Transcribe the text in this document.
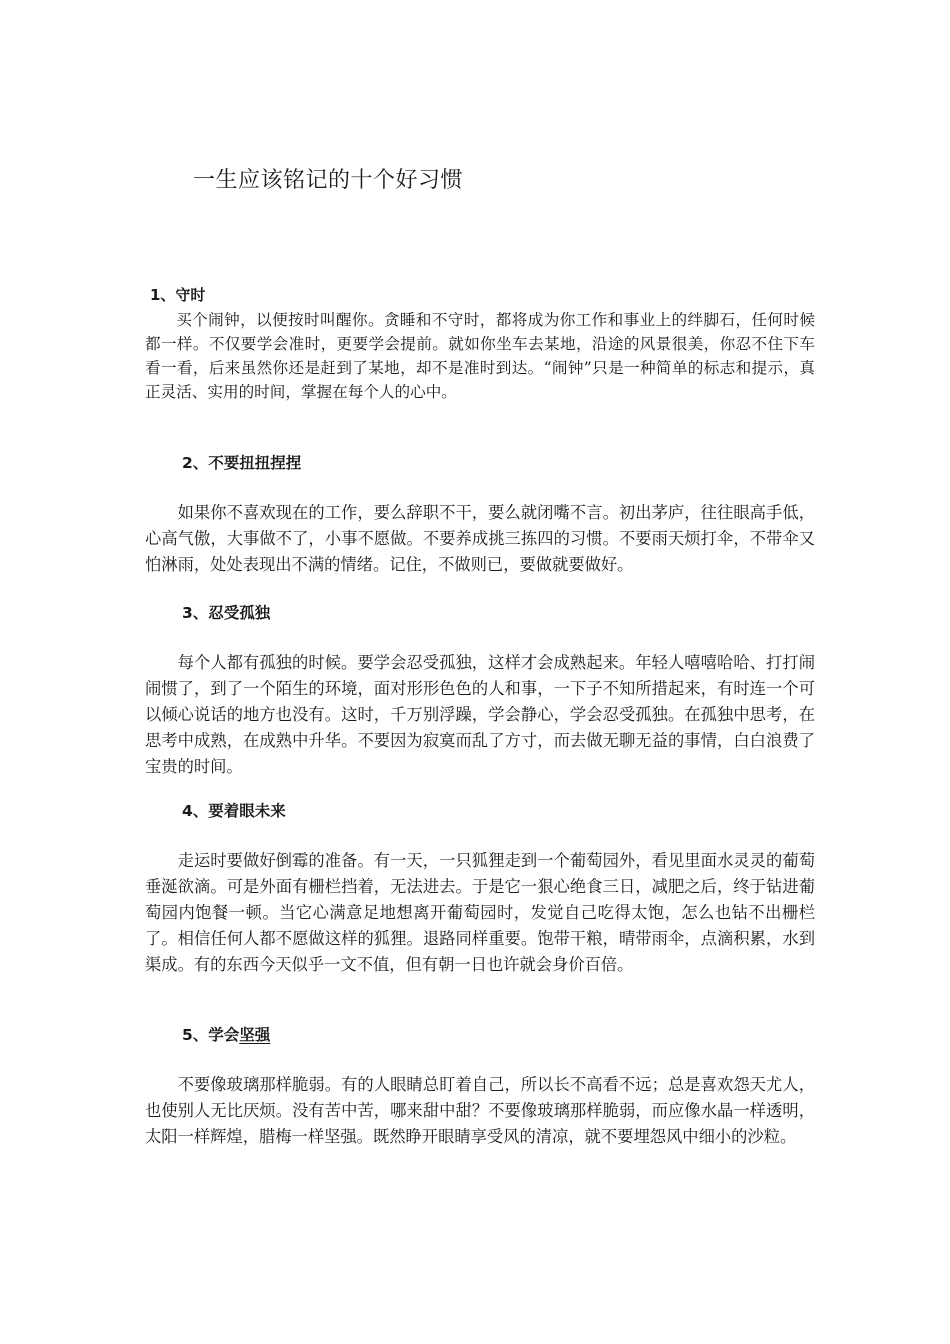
一生应该铭记的十个好习惯
1、守时

买个闹钟，以便按时叫醒你。贪睡和不守时，都将成为你工作和事业上的绊脚石，任何时候都一样。不仅要学会准时，更要学会提前。就如你坐车去某地，沿途的风景很美，你忍不住下车看一看，后来虽然你还是赶到了某地，却不是准时到达。“闹钟”只是一种简单的标志和提示，真正灵活、实用的时间，掌握在每个人的心中。

2、不要扭扭捏捏

如果你不喜欢现在的工作，要么辞职不干，要么就闭嘴不言。初出茅庐，往往眼高手低，心高气傲，大事做不了，小事不愿做。不要养成挑三拣四的习惯。不要雨天烦打伞，不带伞又怕淋雨，处处表现出不满的情绪。记住，不做则已，要做就要做好。

3、忍受孤独

每个人都有孤独的时候。要学会忍受孤独，这样才会成熟起来。年轻人嘻嘻哈哈、打打闹闹惯了，到了一个陌生的环境，面对形形色色的人和事，一下子不知所措起来，有时连一个可以倾心说话的地方也没有。这时，千万别浮躁，学会静心，学会忍受孤独。在孤独中思考，在思考中成熟，在成熟中升华。不要因为寂寞而乱了方寸，而去做无聊无益的事情，白白浪费了宝贵的时间。

4、要着眼未来

走运时要做好倒霉的准备。有一天，一只狐狸走到一个葡萄园外，看见里面水灵灵的葡萄垂涎欲滴。可是外面有栅栏挡着，无法进去。于是它一狠心绝食三日，减肥之后，终于钻进葡萄园内饱餐一顿。当它心满意足地想离开葡萄园时，发觉自己吃得太饱，怎么也钻不出栅栏了。相信任何人都不愿做这样的狐狸。退路同样重要。饱带干粮，晴带雨伞，点滴积累，水到渠成。有的东西今天似乎一文不值，但有朝一日也许就会身价百倍。

5、学会坚强

不要像玻璃那样脆弱。有的人眼睛总盯着自己，所以长不高看不远；总是喜欢怨天尤人，也使别人无比厌烦。没有苦中苦，哪来甜中甜？不要像玻璃那样脆弱，而应像水晶一样透明，太阳一样辉煌，腊梅一样坚强。既然睁开眼睛享受风的清凉，就不要埋怨风中细小的沙粒。
